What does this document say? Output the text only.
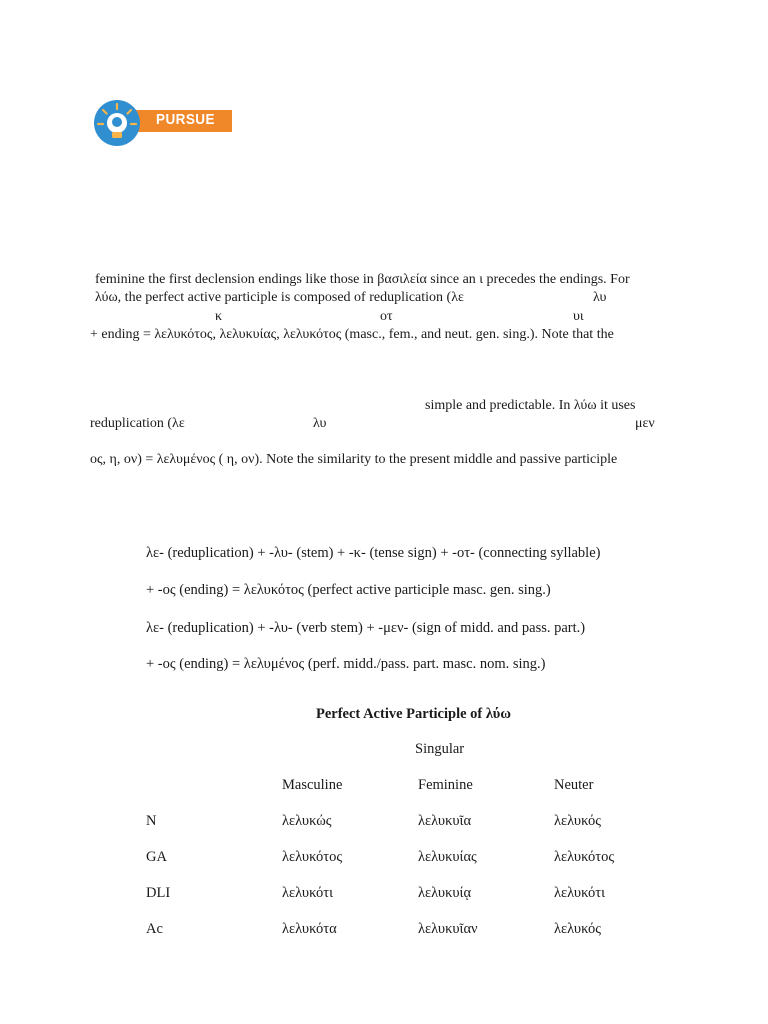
PURSUE
feminine the first declension endings like those in βασιλεία since an ι precedes the endings. For
λύω, the perfect active participle is composed of reduplication (λε	λυ
κ	οτ	υι
+ ending = λελυκότος, λελυκυίας, λελυκότος (masc., fem., and neut. gen. sing.). Note that the
simple and predictable. In λύω it uses
reduplication (λε	λυ	μεν
ος, η, ον) = λελυμένος ( η, ον). Note the similarity to the present middle and passive participle
λε- (reduplication) + -λυ- (stem) + -κ- (tense sign) + -οτ- (connecting syllable)
+ -ος (ending) = λελυκότος (perfect active participle masc. gen. sing.)
λε- (reduplication) + -λυ- (verb stem) + -μεν- (sign of midd. and pass. part.)
+ -ος (ending) = λελυμένος (perf. midd./pass. part. masc. nom. sing.)
Perfect Active Participle of λύω
Singular
Masculine	Feminine	Neuter
N	λελυκώς	λελυκυῖα	λελυκός
GA	λελυκότος	λελυκυίας	λελυκότος
DLI	λελυκότι	λελυκυίᾳ	λελυκότι
Ac	λελυκότα	λελυκυῖαν	λελυκός
